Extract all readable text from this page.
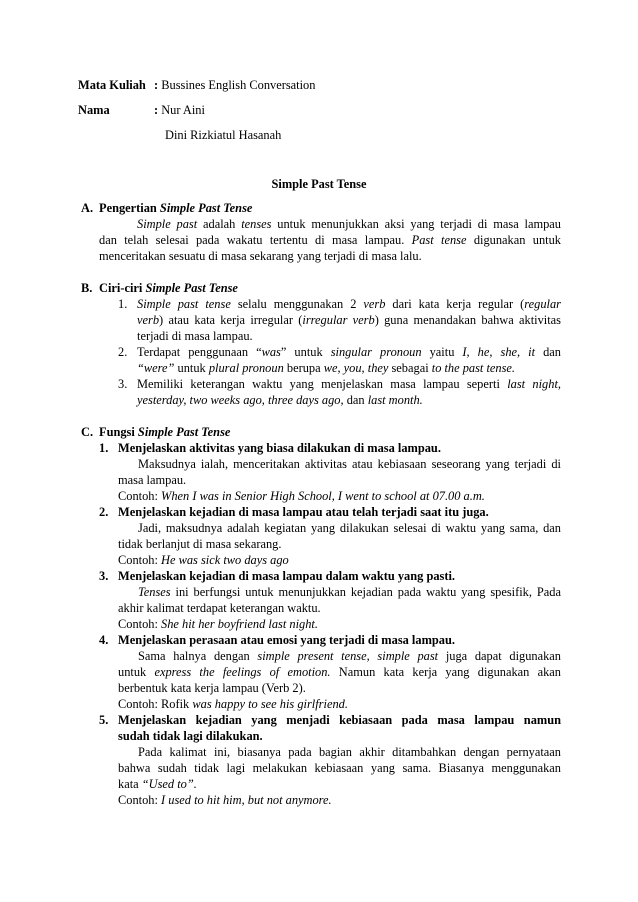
Mata Kuliah : Bussines English Conversation
Nama	: Nur Aini
Dini Rizkiatul Hasanah
Simple Past Tense
A. Pengertian Simple Past Tense
Simple past adalah tenses untuk menunjukkan aksi yang terjadi di masa lampau
dan telah selesai pada wakatu tertentu di masa lampau. Past tense digunakan untuk
menceritakan sesuatu di masa sekarang yang terjadi di masa lalu.
B. Ciri-ciri Simple Past Tense
1. Simple past tense selalu menggunakan 2 verb dari kata kerja regular (regular
verb) atau kata kerja irregular (irregular verb) guna menandakan bahwa aktivitas
terjadi di masa lampau.
2. Terdapat penggunaan “was” untuk singular pronoun yaitu I, he, she, it dan
“were” untuk plural pronoun berupa we, you, they sebagai to the past tense.
3. Memiliki keterangan waktu yang menjelaskan masa lampau seperti last night,
yesterday, two weeks ago, three days ago, dan last month.
C. Fungsi Simple Past Tense
1. Menjelaskan aktivitas yang biasa dilakukan di masa lampau.
Maksudnya ialah, menceritakan aktivitas atau kebiasaan seseorang yang terjadi di
masa lampau.
Contoh: When I was in Senior High School, I went to school at 07.00 a.m.
2. Menjelaskan kejadian di masa lampau atau telah terjadi saat itu juga.
Jadi, maksudnya adalah kegiatan yang dilakukan selesai di waktu yang sama, dan
tidak berlanjut di masa sekarang.
Contoh: He was sick two days ago
3. Menjelaskan kejadian di masa lampau dalam waktu yang pasti.
Tenses ini berfungsi untuk menunjukkan kejadian pada waktu yang spesifik, Pada
akhir kalimat terdapat keterangan waktu.
Contoh: She hit her boyfriend last night.
4. Menjelaskan perasaan atau emosi yang terjadi di masa lampau.
Sama halnya dengan simple present tense, simple past juga dapat digunakan
untuk express the feelings of emotion. Namun kata kerja yang digunakan akan
berbentuk kata kerja lampau (Verb 2).
Contoh: Rofik was happy to see his girlfriend.
5. Menjelaskan kejadian yang menjadi kebiasaan pada masa lampau namun
sudah tidak lagi dilakukan.
Pada kalimat ini, biasanya pada bagian akhir ditambahkan dengan pernyataan
bahwa sudah tidak lagi melakukan kebiasaan yang sama. Biasanya menggunakan
kata “Used to”.
Contoh: I used to hit him, but not anymore.
